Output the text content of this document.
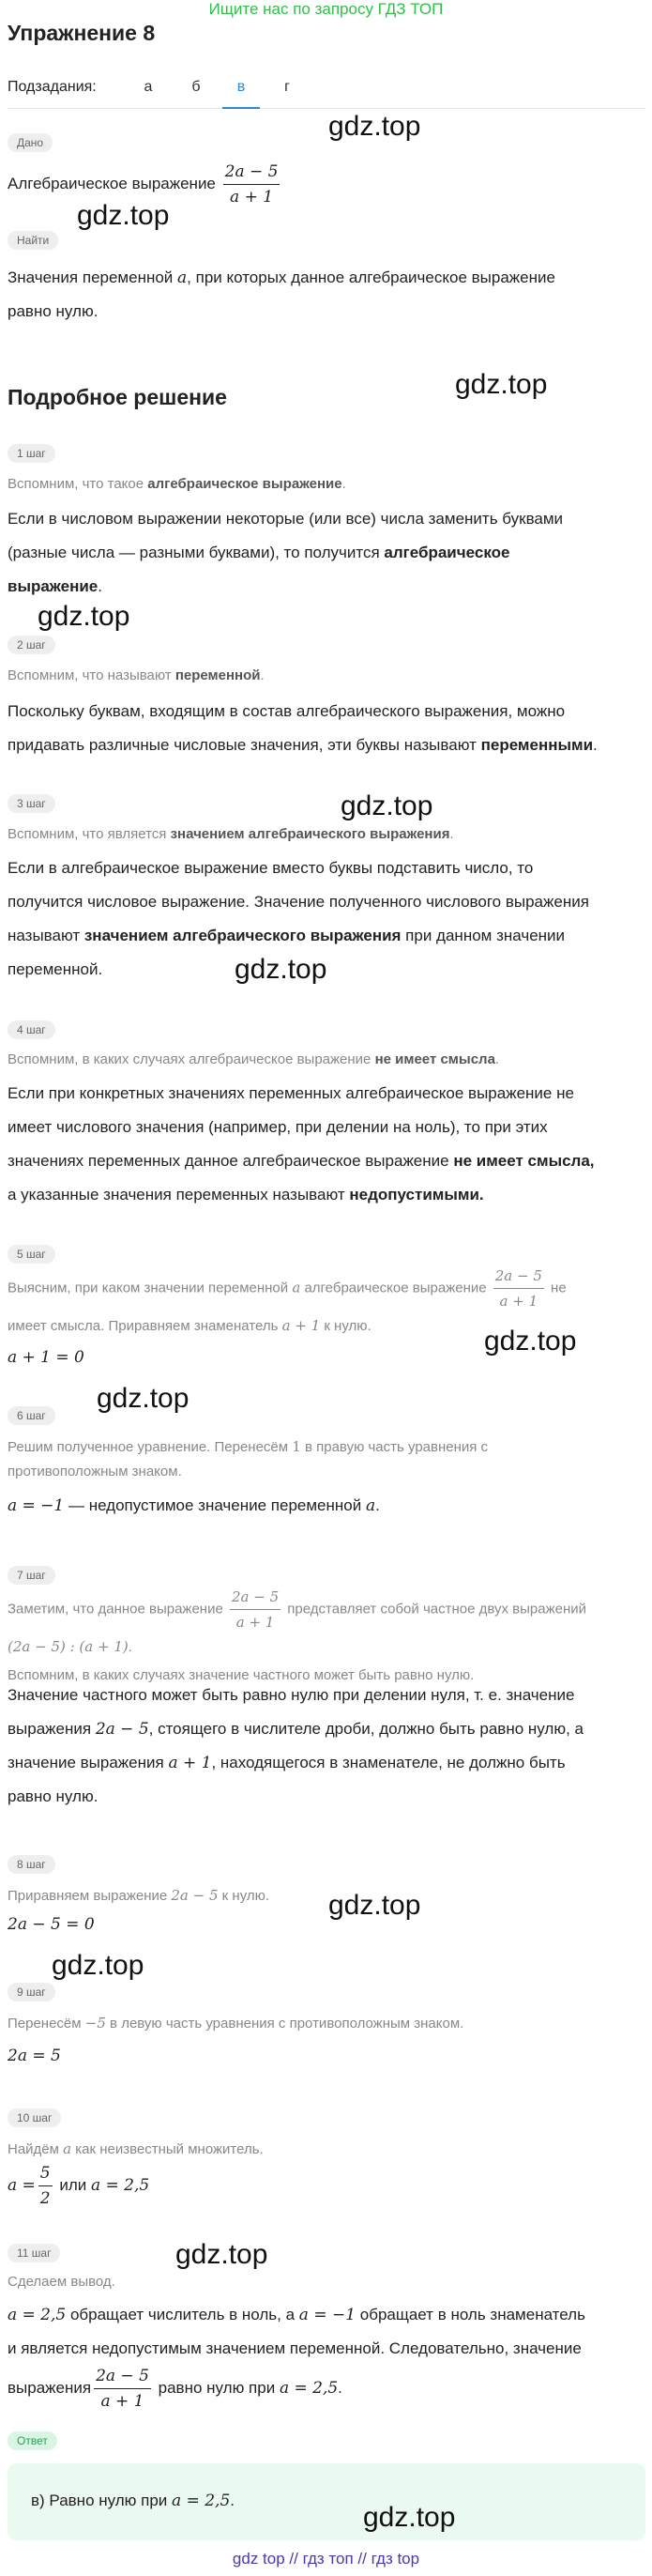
Ищите нас по запросу ГДЗ ТОП
Упражнение 8
Подзадания:	а	б	в	г
Дано
Алгебраическое выражение $\frac{2a - 5}{a + 1}$
Найти
Значения переменной a, при которых данное алгебраическое выражение
равно нулю.
Подробное решение
1 шаг
Вспомним, что такое алгебраическое выражение.
Если в числовом выражении некоторые (или все) числа заменить буквами
(разные числа — разными буквами), то получится алгебраическое
выражение.
2 шаг
Вспомним, что называют переменной.
Поскольку буквам, входящим в состав алгебраического выражения, можно
придавать различные числовые значения, эти буквы называют переменными.
3 шаг
Вспомним, что является значением алгебраического выражения.
Если в алгебраическое выражение вместо буквы подставить число, то
получится числовое выражение. Значение полученного числового выражения
называют значением алгебраического выражения при данном значении
переменной.
4 шаг
Вспомним, в каких случаях алгебраическое выражение не имеет смысла.
Если при конкретных значениях переменных алгебраическое выражение не
имеет числового значения (например, при делении на ноль), то при этих
значениях переменных данное алгебраическое выражение не имеет смысла,
а указанные значения переменных называют недопустимыми.
5 шаг
Выясним, при каком значении переменной a алгебраическое выражение $\frac{2a - 5}{a + 1}$ не
имеет смысла. Приравняем знаменатель a + 1 к нулю.
a + 1 = 0
6 шаг
Решим полученное уравнение. Перенесём 1 в правую часть уравнения с
противоположным знаком.
a = −1 — недопустимое значение переменной a.
7 шаг
Заметим, что данное выражение $\frac{2a - 5}{a + 1}$ представляет собой частное двух выражений
(2a − 5) : (a + 1).
Вспомним, в каких случаях значение частного может быть равно нулю.
Значение частного может быть равно нулю при делении нуля, т. е. значение
выражения 2a − 5, стоящего в числителе дроби, должно быть равно нулю, а
значение выражения a + 1, находящегося в знаменателе, не должно быть
равно нулю.
8 шаг
Приравняем выражение 2a − 5 к нулю.
2a − 5 = 0
9 шаг
Перенесём −5 в левую часть уравнения с противоположным знаком.
2a = 5
10 шаг
Найдём a как неизвестный множитель.
$a = \frac{5}{2}$ или a = 2,5
11 шаг
Сделаем вывод.
a = 2,5 обращает числитель в ноль, а a = −1 обращает в ноль знаменатель
и является недопустимым значением переменной. Следовательно, значение
выражения $\frac{2a - 5}{a + 1}$ равно нулю при a = 2,5.
Ответ
в) Равно нулю при a = 2,5.
gdz.top
gdz.top
gdz.top
gdz.top
gdz.top
gdz.top
gdz.top
gdz.top
gdz.top
gdz.top
gdz.top
gdz.top
gdz top // гдз топ // гдз top
